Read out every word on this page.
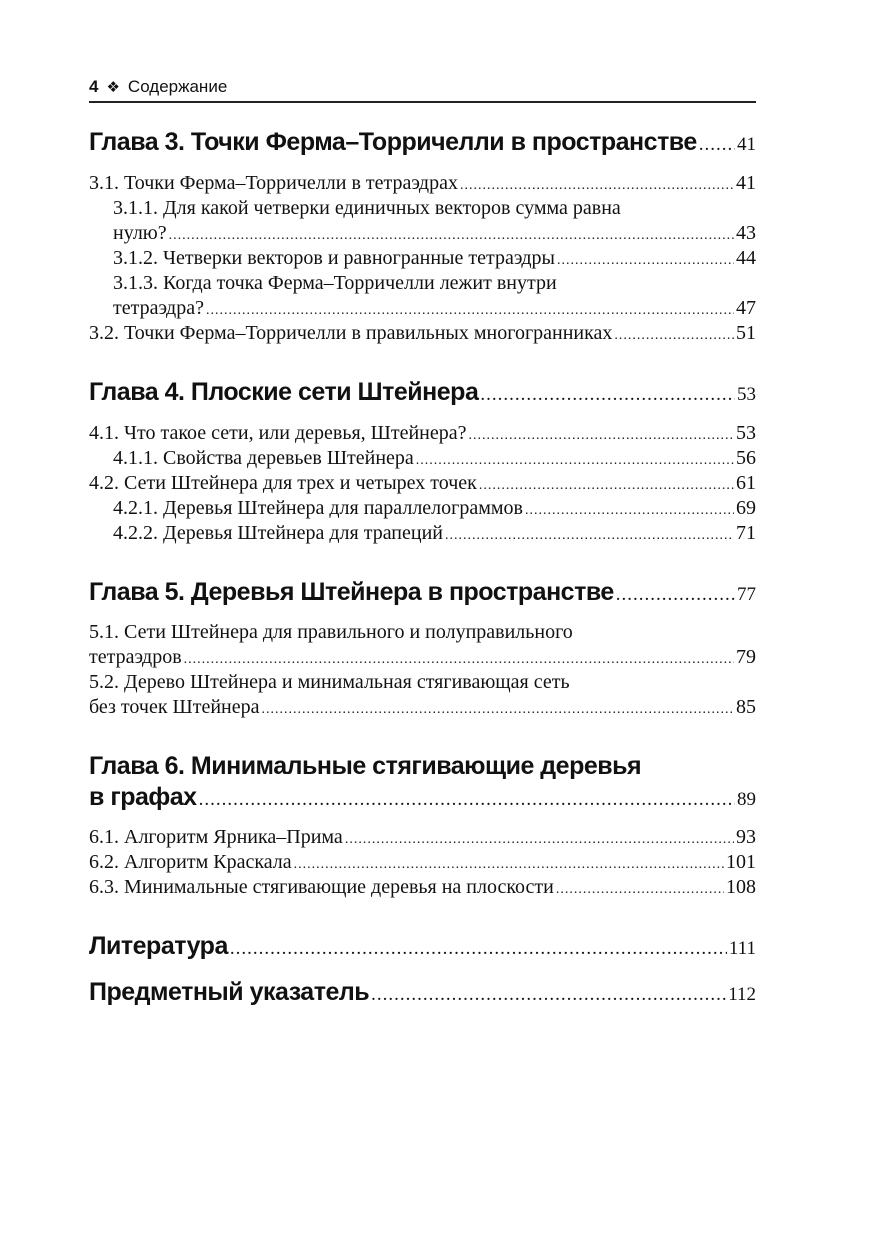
4 ❖ Содержание
Глава 3. Точки Ферма–Торричелли в пространстве ..... 41
3.1. Точки Ферма–Торричелли в тетраэдрах .....	41
3.1.1. Для какой четверки единичных векторов сумма равна
нулю? .....	43
3.1.2. Четверки векторов и равногранные тетраэдры .....	44
3.1.3. Когда точка Ферма–Торричелли лежит внутри
тетраэдра? .....	47
3.2. Точки Ферма–Торричелли в правильных многогранниках .....	51
Глава 4. Плоские сети Штейнера .....	53
4.1. Что такое сети, или деревья, Штейнера? .....	53
4.1.1. Свойства деревьев Штейнера .....	56
4.2. Сети Штейнера для трех и четырех точек .....	61
4.2.1. Деревья Штейнера для параллелограммов .....	69
4.2.2. Деревья Штейнера для трапеций .....	71
Глава 5. Деревья Штейнера в пространстве .....	77
5.1. Сети Штейнера для правильного и полуправильного
тетраэдров .....	79
5.2. Дерево Штейнера и минимальная стягивающая сеть
без точек Штейнера .....	85
Глава 6. Минимальные стягивающие деревья
в графах .....	89
6.1. Алгоритм Ярника–Прима .....	93
6.2. Алгоритм Краскала .....	101
6.3. Минимальные стягивающие деревья на плоскости .....	108
Литература .....	111
Предметный указатель .....	112
